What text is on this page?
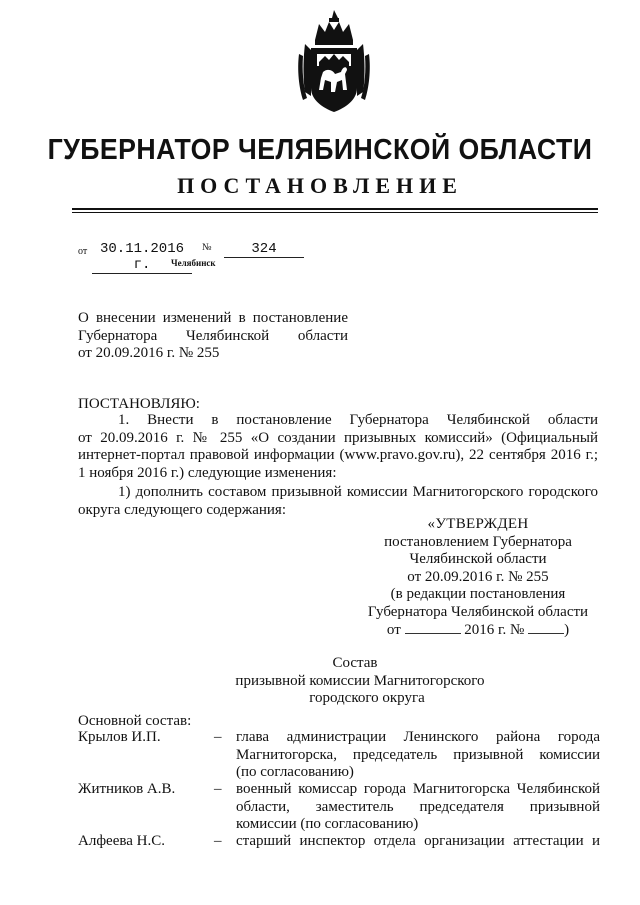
ГУБЕРНАТОР ЧЕЛЯБИНСКОЙ ОБЛАСТИ
ПОСТАНОВЛЕНИЕ
от 30.11.2016 г.
№	324
Челябинск
О внесении изменений в постановление
Губернатора Челябинской области
от 20.09.2016 г. № 255
ПОСТАНОВЛЯЮ:
1. Внести в постановление Губернатора Челябинской области
от 20.09.2016 г. № 255 «О создании призывных комиссий» (Официальный
интернет-портал правовой информации (www.pravo.gov.ru), 22 сентября 2016 г.;
1 ноября 2016 г.) следующие изменения:
1) дополнить составом призывной комиссии Магнитогорского городского
округа следующего содержания:
«УТВЕРЖДЕН
постановлением Губернатора
Челябинской области
от 20.09.2016 г. № 255
(в редакции постановления
Губернатора Челябинской области
от	2016 г. №	)
Состав
призывной комиссии Магнитогорского
городского округа
Основной состав:
Крылов И.П.	– глава администрации Ленинского района города
Магнитогорска, председатель призывной комиссии
(по согласованию)
Житников А.В.	– военный комиссар города Магнитогорска Челябинской
области, заместитель председателя призывной
комиссии (по согласованию)
Алфеева Н.С.	– старший инспектор отдела организации аттестации и
